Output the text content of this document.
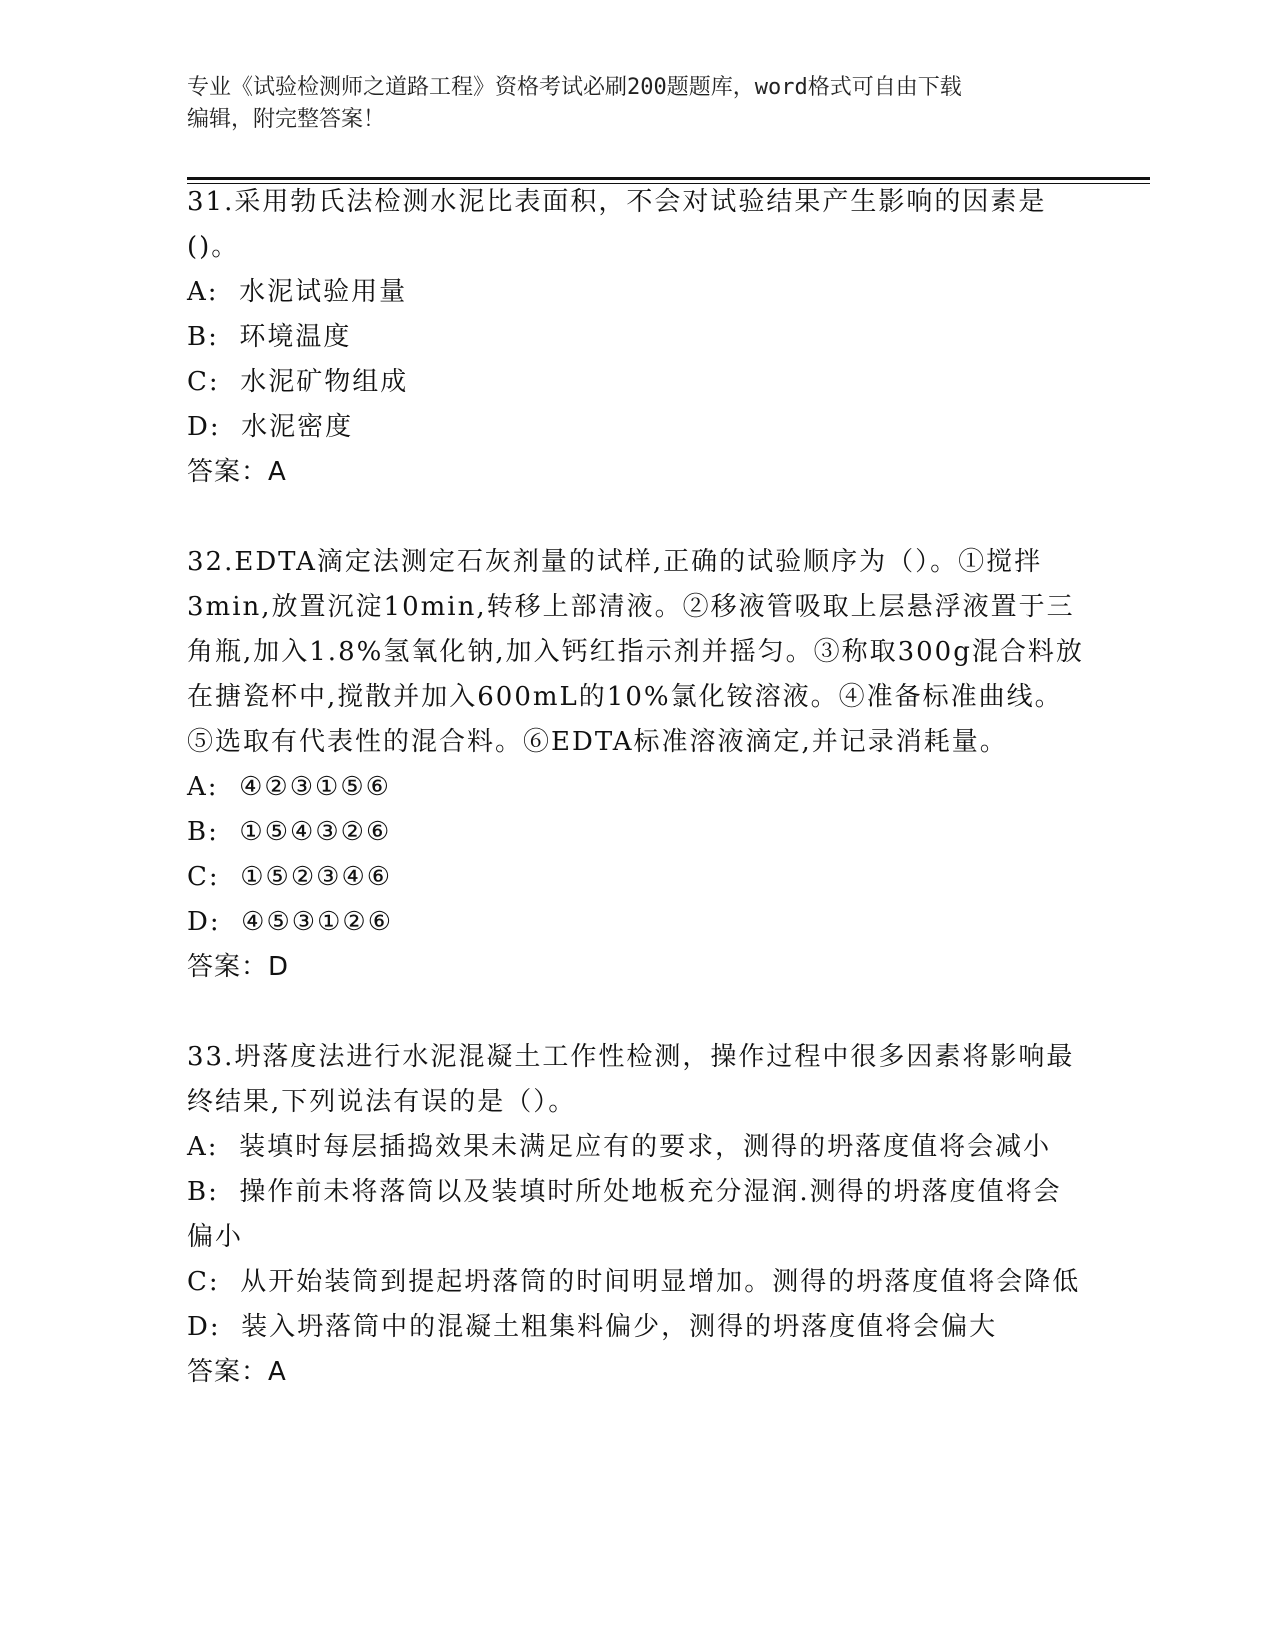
专业《试验检测师之道路工程》资格考试必刷200题题库，word格式可自由下载
编辑，附完整答案！

31.采用勃氏法检测水泥比表面积，不会对试验结果产生影响的因素是()。

A:  水泥试验用量

B:  环境温度

C:  水泥矿物组成

D:  水泥密度

答案：A

32.EDTA滴定法测定石灰剂量的试样,正确的试验顺序为（）。①搅拌3min,放置沉淀10min,转移上部清液。②移液管吸取上层悬浮液置于三角瓶,加入1.8%氢氧化钠,加入钙红指示剂并摇匀。③称取300g混合料放在搪瓷杯中,搅散并加入600mL的10%氯化铵溶液。④准备标准曲线。⑤选取有代表性的混合料。⑥EDTA标准溶液滴定,并记录消耗量。

A:  ④②③①⑤⑥

B:  ①⑤④③②⑥

C:  ①⑤②③④⑥

D:  ④⑤③①②⑥

答案：D

33.坍落度法进行水泥混凝土工作性检测，操作过程中很多因素将影响最终结果,下列说法有误的是（）。

A:  装填时每层插捣效果未满足应有的要求，测得的坍落度值将会减小

B:  操作前未将落筒以及装填时所处地板充分湿润.测得的坍落度值将会偏小

C:  从开始装筒到提起坍落筒的时间明显增加。测得的坍落度值将会降低

D:  装入坍落筒中的混凝土粗集料偏少，测得的坍落度值将会偏大

答案：A
